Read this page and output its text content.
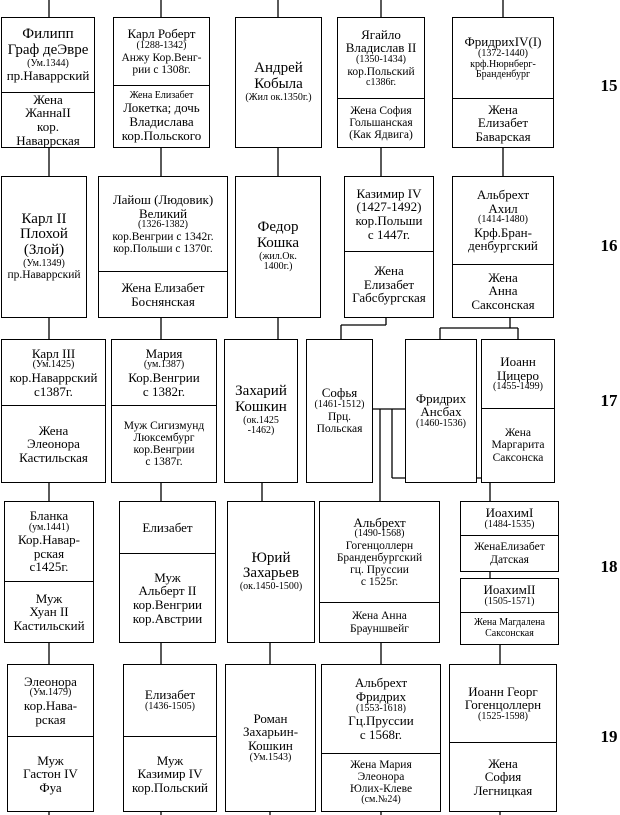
Филипп
Граф деЭвре
(Ум.1344)
пр.Наваррский
Жена
ЖаннаII
кор.
Наваррская
Карл Роберт
(1288-1342)
Анжу Кор.Венг-
рии с 1308г.
Жена Елизабет
Локетка; дочь
Владислава
кор.Польского
Андрей
Кобыла
(Жил ок.1350г.)
Ягайло
Владислав II
(1350-1434)
кор.Польский
с1386г.
Жена София
Гольшанская
(Как Ядвига)
ФридрихIV(I)
(1372-1440)
крф.Нюрнберг-
Бранденбург
Жена
Елизабет
Баварская
Карл II
Плохой
(Злой)
(Ум.1349)
пр.Наваррский
Лайош (Людовик)
Великий
(1326-1382)
кор.Венгрии с 1342г.
кор.Польши с 1370г.
Жена Елизабет
Боснянская
Федор
Кошка
(жил.Ок.
1400г.)
Казимир IV
(1427-1492)
кор.Польши
с 1447г.
Жена
Елизабет
Габсбургская
Альбрехт
Ахил
(1414-1480)
Крф.Бран-
денбургский
Жена
Анна
Саксонская
Карл III
(Ум.1425)
кор.Наваррский
с1387г.
Жена
Элеонора
Кастильская
Мария
(ум.1387)
Кор.Венгрии
с 1382г.
Муж Сигизмунд
Люксембург
кор.Венгрии
с 1387г.
Захарий
Кошкин
(ок.1425
-1462)
Софья
(1461-1512)
Прц.
Польская
Фридрих
Ансбах
(1460-1536)
Иоанн
Цицеро
(1455-1499)
Жена
Маргарита
Саксонска
Бланка
(ум.1441)
Кор.Навар-
рская
с1425г.
Муж
Хуан II
Кастильский
Елизабет
Муж
Альберт II
кор.Венгрии
кор.Австрии
Юрий
Захарьев
(ок.1450-1500)
Альбрехт
(1490-1568)
Гогенцоллерн
Бранденбургский
гц. Пруссии
с 1525г.
Жена Анна
Брауншвейг
ИоахимI
(1484-1535)
ЖенаЕлизабет
Датская
ИоахимII
(1505-1571)
Жена Магдалена
Саксонская
Элеонора
(Ум.1479)
кор.Нава-
рская
Муж
Гастон IV
Фуа
Елизабет
(1436-1505)
Муж
Казимир IV
кор.Польский
Роман
Захарьин-
Кошкин
(Ум.1543)
Альбрехт
Фридрих
(1553-1618)
Гц.Пруссии
с 1568г.
Жена Мария
Элеонора
Юлих-Клеве
(см.№24)
Иоанн Георг
Гогенцоллерн
(1525-1598)
Жена
София
Легницкая
15
16
17
18
19
